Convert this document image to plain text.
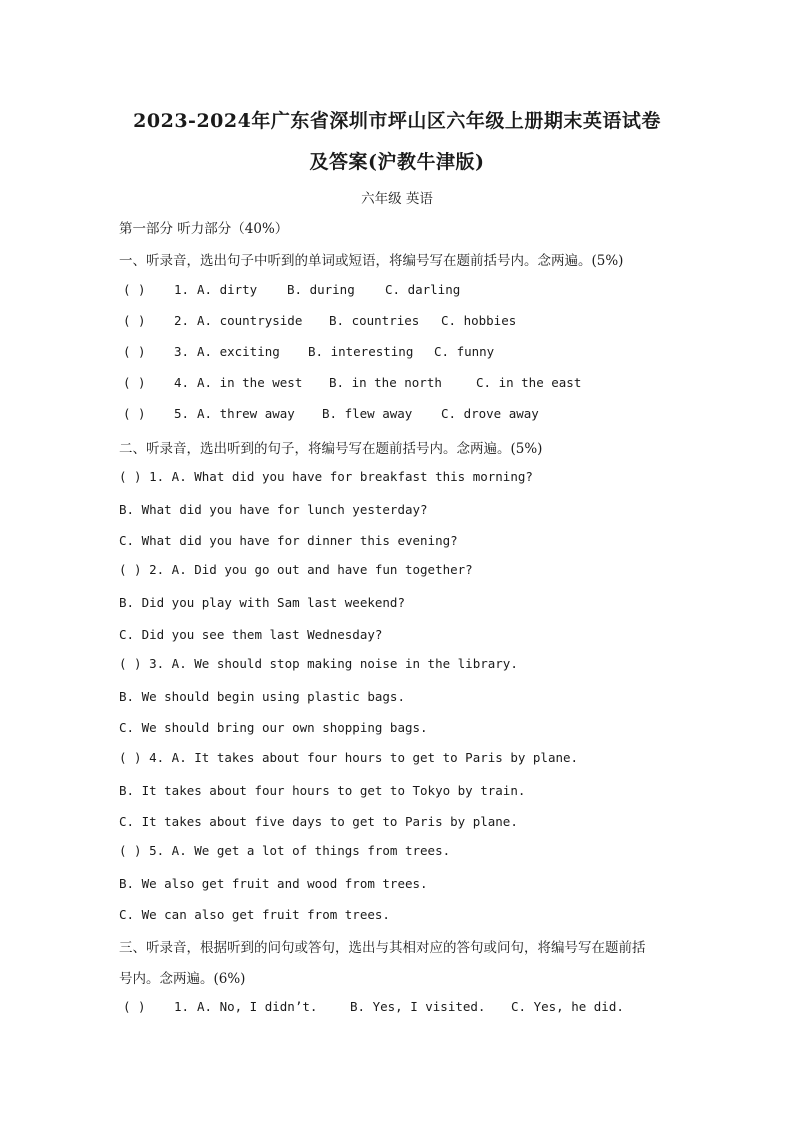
2023-2024年广东省深圳市坪山区六年级上册期末英语试卷
及答案(沪教牛津版)
六年级 英语
第一部分 听力部分（40%）
一、听录音，选出句子中听到的单词或短语，将编号写在题前括号内。念两遍。(5%)
( ) 1. A. dirty B. during C. darling
( ) 2. A. countryside B. countries C. hobbies
( ) 3. A. exciting B. interesting C. funny
( ) 4. A. in the west B. in the north	C. in the east
( ) 5. A. threw away B. flew away C. drove away
二、听录音，选出听到的句子，将编号写在题前括号内。念两遍。(5%)
( ) 1. A. What did you have for breakfast this morning?
B. What did you have for lunch yesterday?
C. What did you have for dinner this evening?
( ) 2. A. Did you go out and have fun together?
B. Did you play with Sam last weekend?
C. Did you see them last Wednesday?
( ) 3. A. We should stop making noise in the library.
B. We should begin using plastic bags.
C. We should bring our own shopping bags.
( ) 4. A. It takes about four hours to get to Paris by plane.
B. It takes about four hours to get to Tokyo by train.
C. It takes about five days to get to Paris by plane.
( ) 5. A. We get a lot of things from trees.
B. We also get fruit and wood from trees.
C. We can also get fruit from trees.
三、听录音，根据听到的问句或答句，选出与其相对应的答句或问句，将编号写在题前括
号内。念两遍。(6%)
( ) 1. A. No, I didn’t.	B. Yes, I visited. C. Yes, he did.
